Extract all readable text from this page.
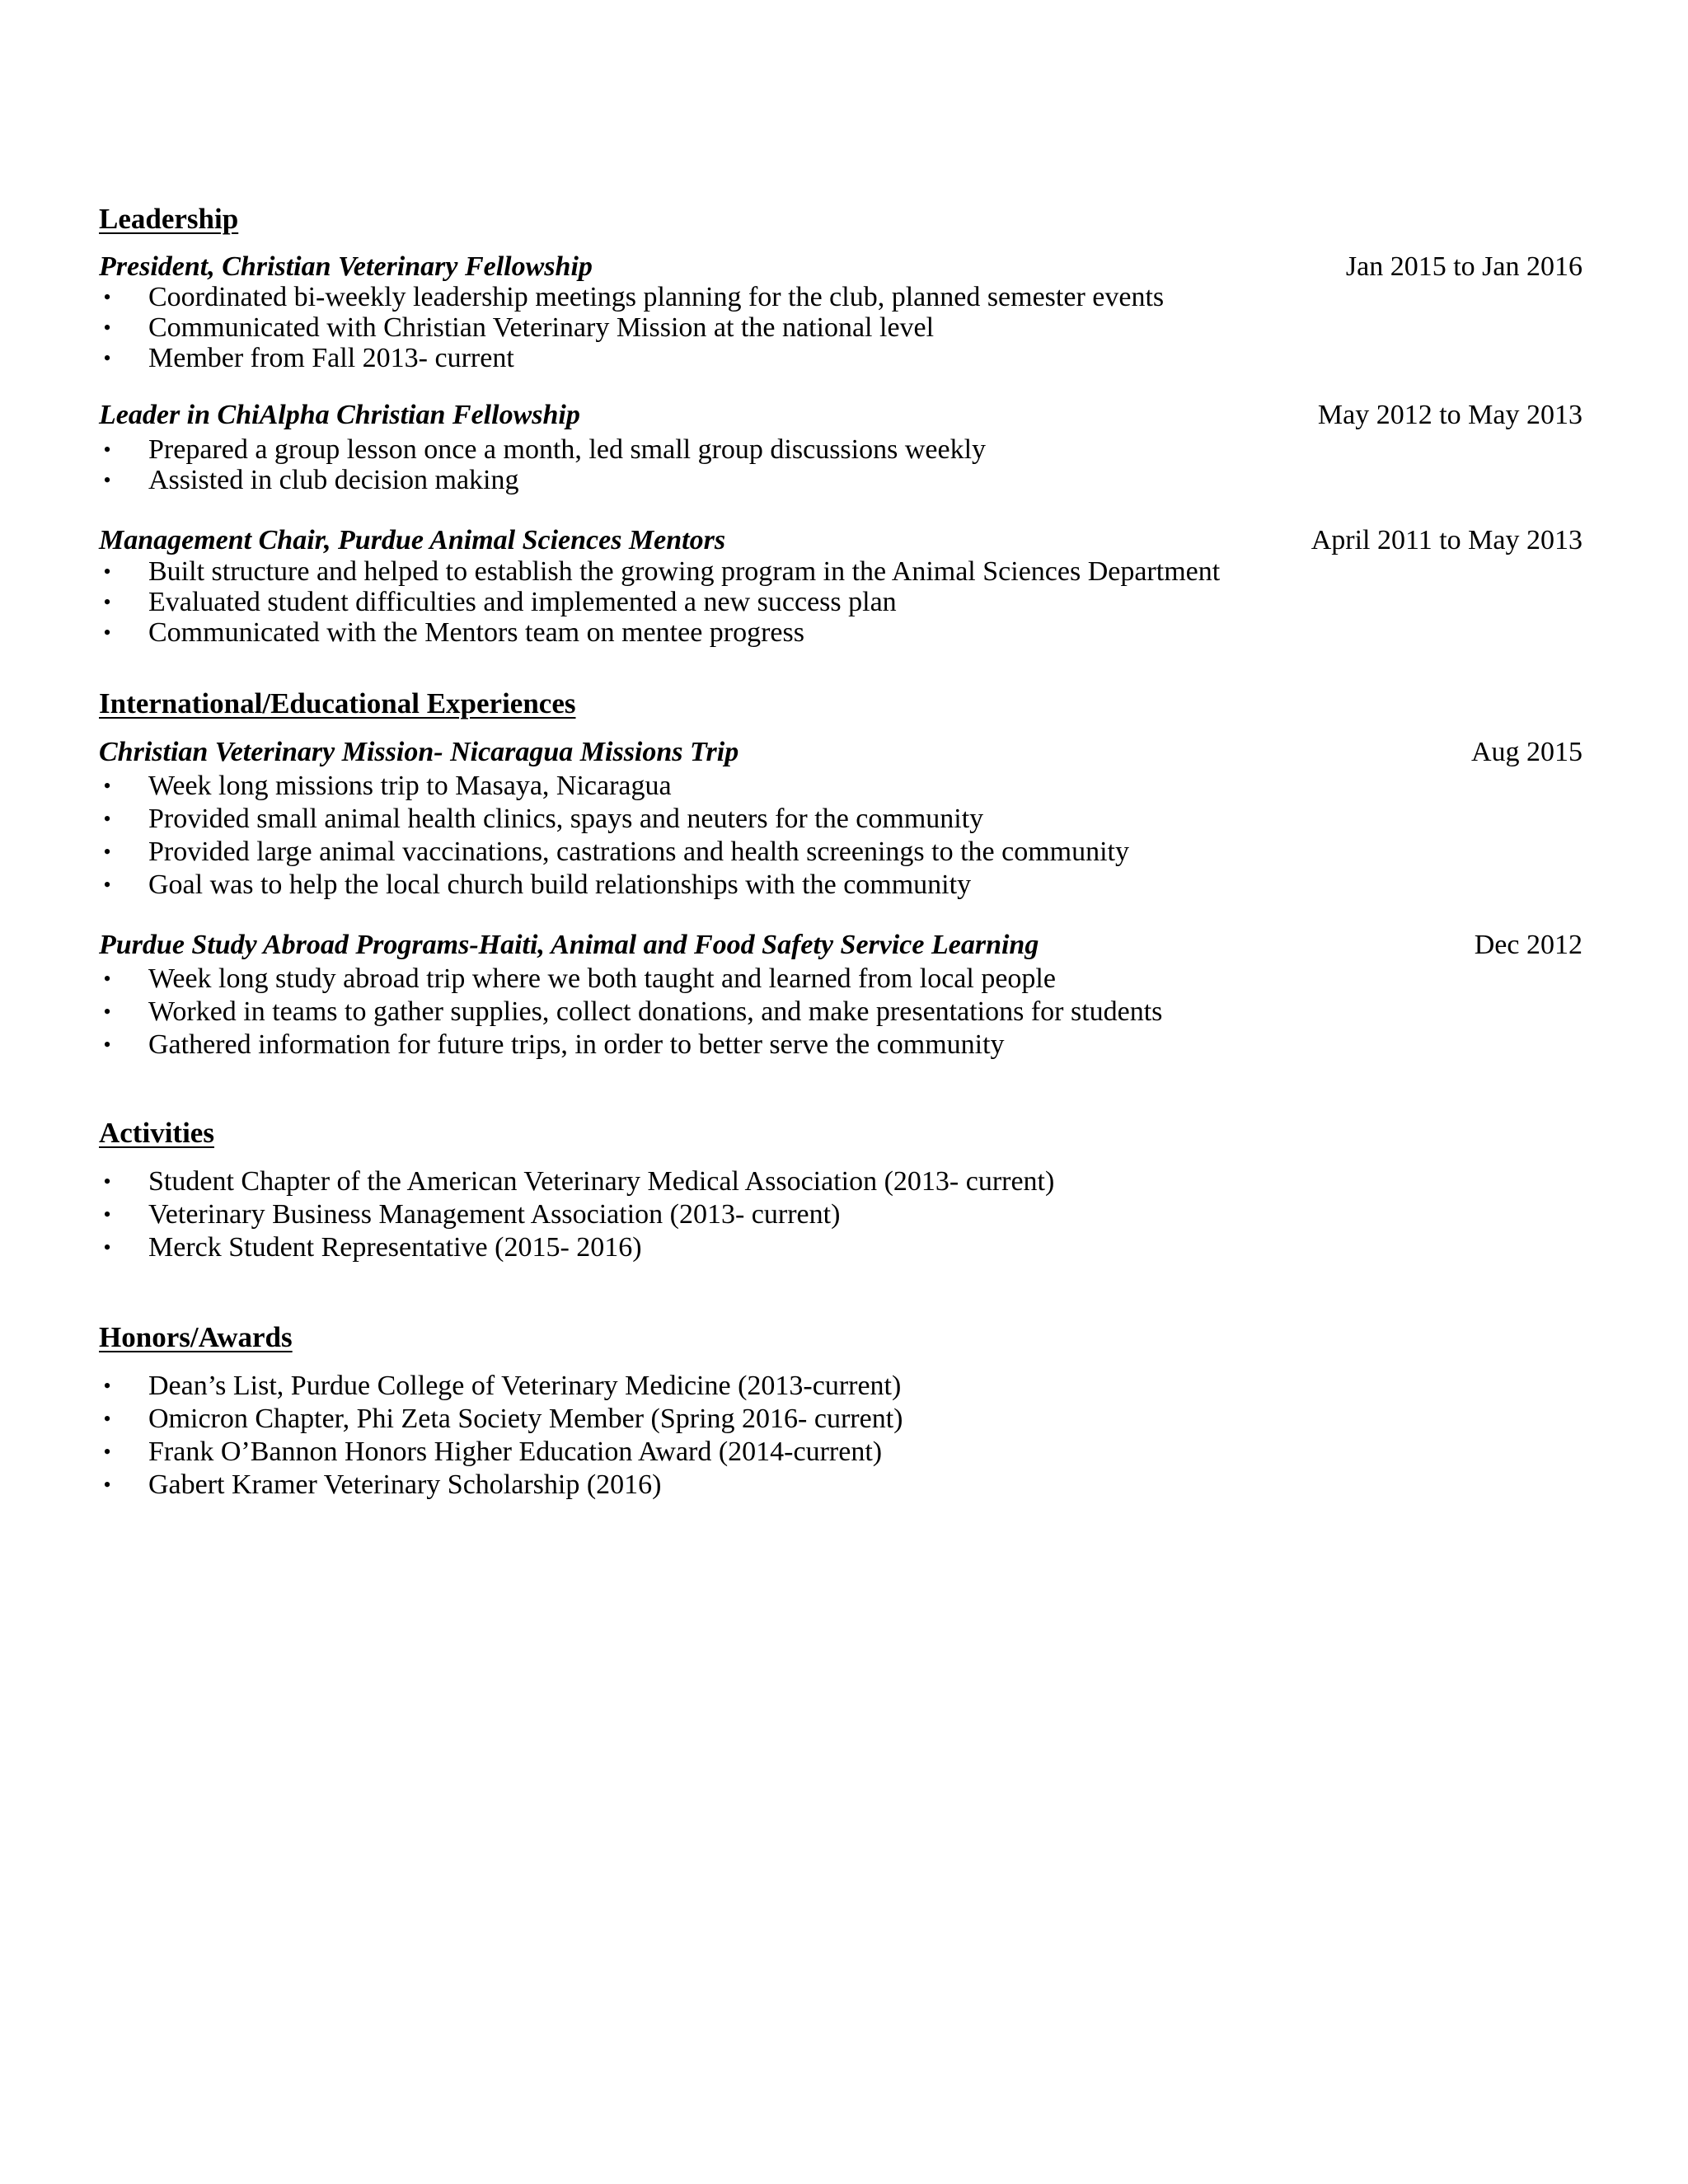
Leadership
President, Christian Veterinary Fellowship	Jan 2015 to Jan 2016
• Coordinated bi-weekly leadership meetings planning for the club, planned semester events
• Communicated with Christian Veterinary Mission at the national level
• Member from Fall 2013- current
Leader in ChiAlpha Christian Fellowship	May 2012 to May 2013
• Prepared a group lesson once a month, led small group discussions weekly
• Assisted in club decision making
Management Chair, Purdue Animal Sciences Mentors	April 2011 to May 2013
• Built structure and helped to establish the growing program in the Animal Sciences Department
• Evaluated student difficulties and implemented a new success plan
• Communicated with the Mentors team on mentee progress
International/Educational Experiences
Christian Veterinary Mission- Nicaragua Missions Trip	Aug 2015
• Week long missions trip to Masaya, Nicaragua
• Provided small animal health clinics, spays and neuters for the community
• Provided large animal vaccinations, castrations and health screenings to the community
• Goal was to help the local church build relationships with the community
Purdue Study Abroad Programs-Haiti, Animal and Food Safety Service Learning	Dec 2012
• Week long study abroad trip where we both taught and learned from local people
• Worked in teams to gather supplies, collect donations, and make presentations for students
• Gathered information for future trips, in order to better serve the community
Activities
• Student Chapter of the American Veterinary Medical Association (2013- current)
• Veterinary Business Management Association (2013- current)
• Merck Student Representative (2015- 2016)
Honors/Awards
• Dean’s List, Purdue College of Veterinary Medicine (2013-current)
• Omicron Chapter, Phi Zeta Society Member (Spring 2016- current)
• Frank O’Bannon Honors Higher Education Award (2014-current)
• Gabert Kramer Veterinary Scholarship (2016)
